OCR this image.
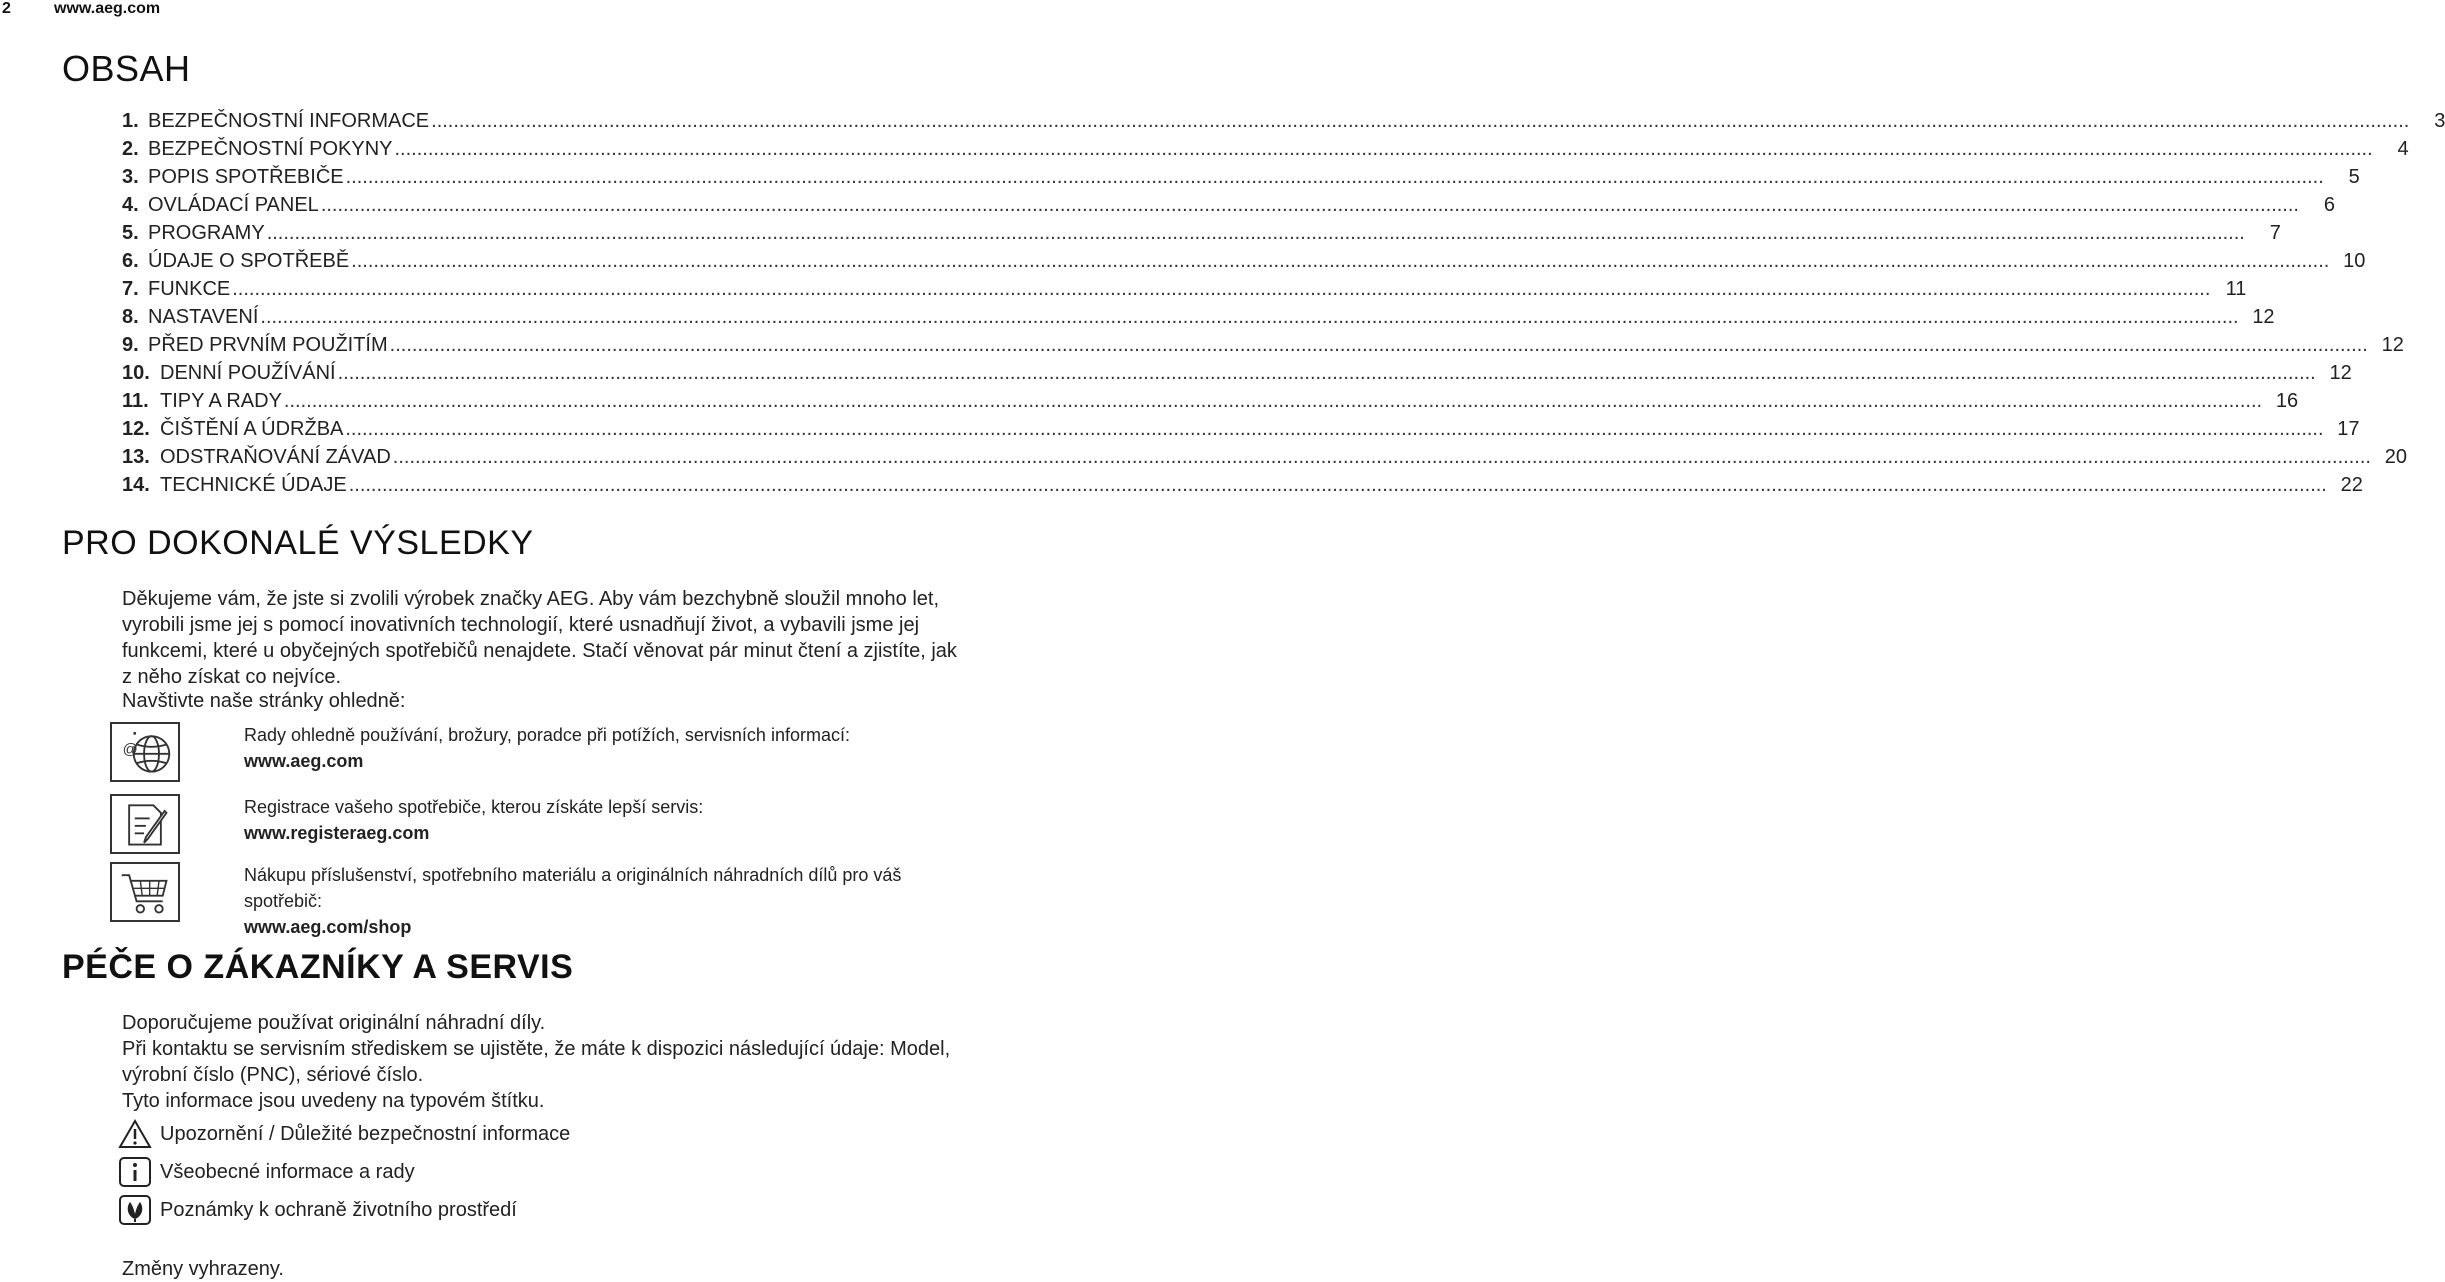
2	www.aeg.com
OBSAH
1. BEZPEČNOSTNÍ INFORMACE .....	3
2. BEZPEČNOSTNÍ POKYNY .....	4
3. POPIS SPOTŘEBIČE .....	5
4. OVLÁDACÍ PANEL .....	6
5. PROGRAMY .....	7
6. ÚDAJE O SPOTŘEBĚ .....	10
7. FUNKCE .....	11
8. NASTAVENÍ .....	12
9. PŘED PRVNÍM POUŽITÍM .....	12
10. DENNÍ POUŽÍVÁNÍ .....	12
11. TIPY A RADY .....	16
12. ČIŠTĚNÍ A ÚDRŽBA .....	17
13. ODSTRAŇOVÁNÍ ZÁVAD .....	20
14. TECHNICKÉ ÚDAJE .....	22
PRO DOKONALÉ VÝSLEDKY

Děkujeme vám, že jste si zvolili výrobek značky AEG. Aby vám bezchybně sloužil mnoho let, vyrobili jsme jej s pomocí inovativních technologií, které usnadňují život, a vybavili jsme jej funkcemi, které u obyčejných spotřebičů nenajdete. Stačí věnovat pár minut čtení a zjistíte, jak z něho získat co nejvíce.

Navštivte naše stránky ohledně:

@
Rady ohledně používání, brožury, poradce při potížích, servisních informací:
www.aeg.com
Registrace vašeho spotřebiče, kterou získáte lepší servis:
www.registeraeg.com
Nákupu příslušenství, spotřebního materiálu a originálních náhradních dílů pro váš spotřebič:
www.aeg.com/shop
PÉČE O ZÁKAZNÍKY A SERVIS

Doporučujeme používat originální náhradní díly.

Při kontaktu se servisním střediskem se ujistěte, že máte k dispozici následující údaje: Model, výrobní číslo (PNC), sériové číslo.

Tyto informace jsou uvedeny na typovém štítku.

Upozornění / Důležité bezpečnostní informace
Všeobecné informace a rady
Poznámky k ochraně životního prostředí
Změny vyhrazeny.
